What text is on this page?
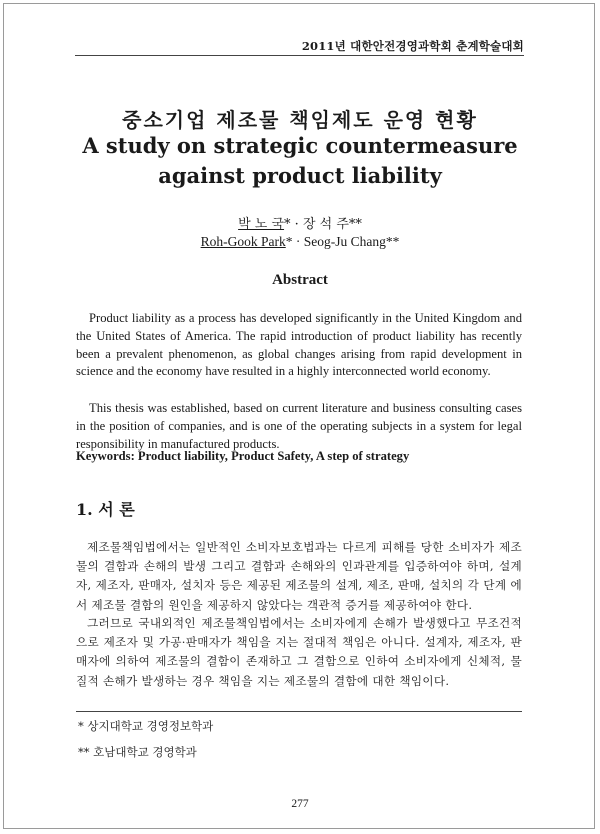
2011년 대한안전경영과학회 춘계학술대회
중소기업 제조물 책임제도 운영 현황
A study on strategic countermeasure against product liability
박 노 국* · 장 석 주**
Roh-Gook Park* · Seog-Ju Chang**
Abstract

Product liability as a process has developed significantly in the United Kingdom and the United States of America. The rapid introduction of product liability has recently been a prevalent phenomenon, as global changes arising from rapid development in science and the economy have resulted in a highly interconnected world economy.

This thesis was established, based on current literature and business consulting cases in the position of companies, and is one of the operating subjects in a system for legal responsibility in manufactured products.

Keywords: Product liability, Product Safety, A step of strategy
1. 서 론

제조물책임법에서는 일반적인 소비자보호법과는 다르게 피해를 당한 소비자가 제조물의 결함과 손해의 발생 그리고 결함과 손해와의 인과관계를 입증하여야 하며, 설계자, 제조자, 판매자, 설치자 등은 제공된 제조물의 설계, 제조, 판매, 설치의 각 단계 에서 제조물 결함의 원인을 제공하지 않았다는 객관적 증거를 제공하여야 한다.

그러므로 국내외적인 제조물책임법에서는 소비자에게 손해가 발생했다고 무조건적으로 제조자 및 가공·판매자가 책임을 지는 절대적 책임은 아니다. 설계자, 제조자, 판매자에 의하여 제조물의 결함이 존재하고 그 결함으로 인하여 소비자에게 신체적, 물질적 손해가 발생하는 경우 책임을 지는 제조물의 결함에 대한 책임이다.

* 상지대학교 경영정보학과
** 호남대학교 경영학과
277
